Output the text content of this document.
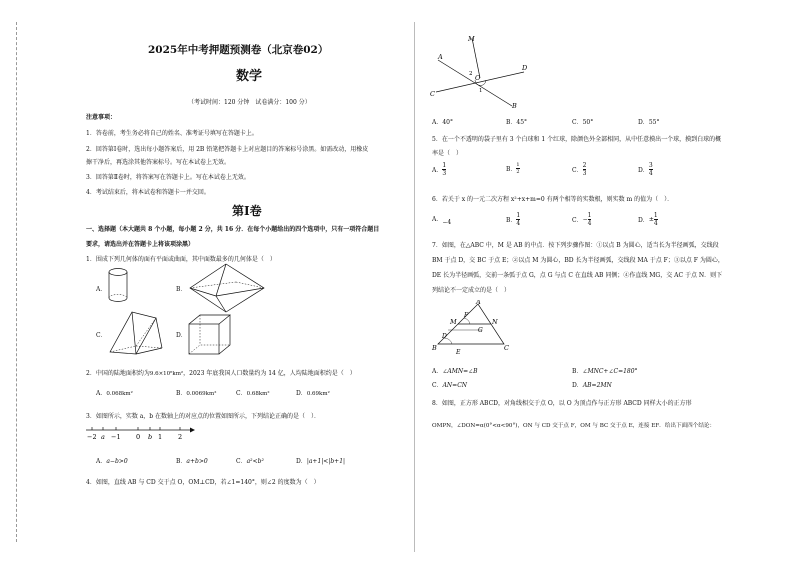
2025年中考押题预测卷（北京卷02）
数学
（考试时间：120 分钟　试卷满分：100 分）
注意事项：
1．答卷前，考生务必将自己的姓名、准考证号填写在答题卡上。
2．回答第Ⅰ卷时，选出每小题答案后，用 2B 铅笔把答题卡上对应题目的答案标号涂黑。如需改动，用橡皮
擦干净后，再选涂其他答案标号。写在本试卷上无效。
3．回答第Ⅱ卷时，将答案写在答题卡上。写在本试卷上无效。
4．考试结束后，将本试卷和答题卡一并交回。
第Ⅰ卷
一、选择题（本大题共 8 个小题，每小题 2 分，共 16 分．在每个小题给出的四个选项中，只有一项符合题目
要求，请选出并在答题卡上将该项涂黑）
1．围成下列几何体的面有平面或曲面，其中面数最多的几何体是（　）
A．	B．
C．	D．
2．中国的陆地面积约为9.6×10⁶km²，2023 年底我国人口数量约为 14 亿，人均陆地面积约是（　）
A．0.068km²	B．0.0069km²	C．0.68km²	D．0.69km²
3．如图所示，实数 a，b 在数轴上的对应点的位置如图所示，下列结论正确的是（　）．
−2 a −1 0 b 1 2
A．a−b>0	B．a+b>0	C．a²<b²	D．|a+1|<|b+1|
4．如图，直线 AB 与 CD 交于点 O，OM⊥CD，若∠1=140°，则∠2 的度数为（　）
M
A
2 O
D
1
C
B
A．40°	B．45°	C．50°	D．55°
5．在一个不透明的袋子里有 3 个白球和 1 个红球，除颜色外全部相同，从中任意摸出一个球，摸到白球的概
率是（　）
A． $\frac{1}{3}$	B． $\frac{1}{2}$	C． $\frac{2}{3}$	D． $\frac{3}{4}$
6．若关于 x 的一元二次方程 x²+x+m=0 有两个相等的实数根，则实数 m 的值为（　）．
A．−4	B． $\frac{1}{4}$	C．− $\frac{1}{4}$	D．± $\frac{1}{4}$
7．如图，在△ABC 中，M 是 AB 的中点．按下列步骤作图：①以点 B 为圆心，适当长为半径画弧，交线段
BM 于点 D，交 BC 于点 E；②以点 M 为圆心，BD 长为半径画弧，交线段 MA 于点 F；③以点 F 为圆心，
DE 长为半径画弧，交前一条弧于点 G，点 G 与点 C 在直线 AB 同侧；④作直线 MG，交 AC 于点 N．则下
列结论不一定成立的是（　）
A
F
M
G
N
D
B
E
C
A．∠AMN=∠B	B．∠MNC+∠C=180°
C．AN=CN	D．AB=2MN
8．如图，正方形 ABCD，对角线相交于点 O，以 O 为顶点作与正方形 ABCD 同样大小的正方形
OMPN，∠DON=α(0°<α<90°)，ON 与 CD 交于点 F，OM 与 BC 交于点 E，连接 EF．给出下面四个结论：
